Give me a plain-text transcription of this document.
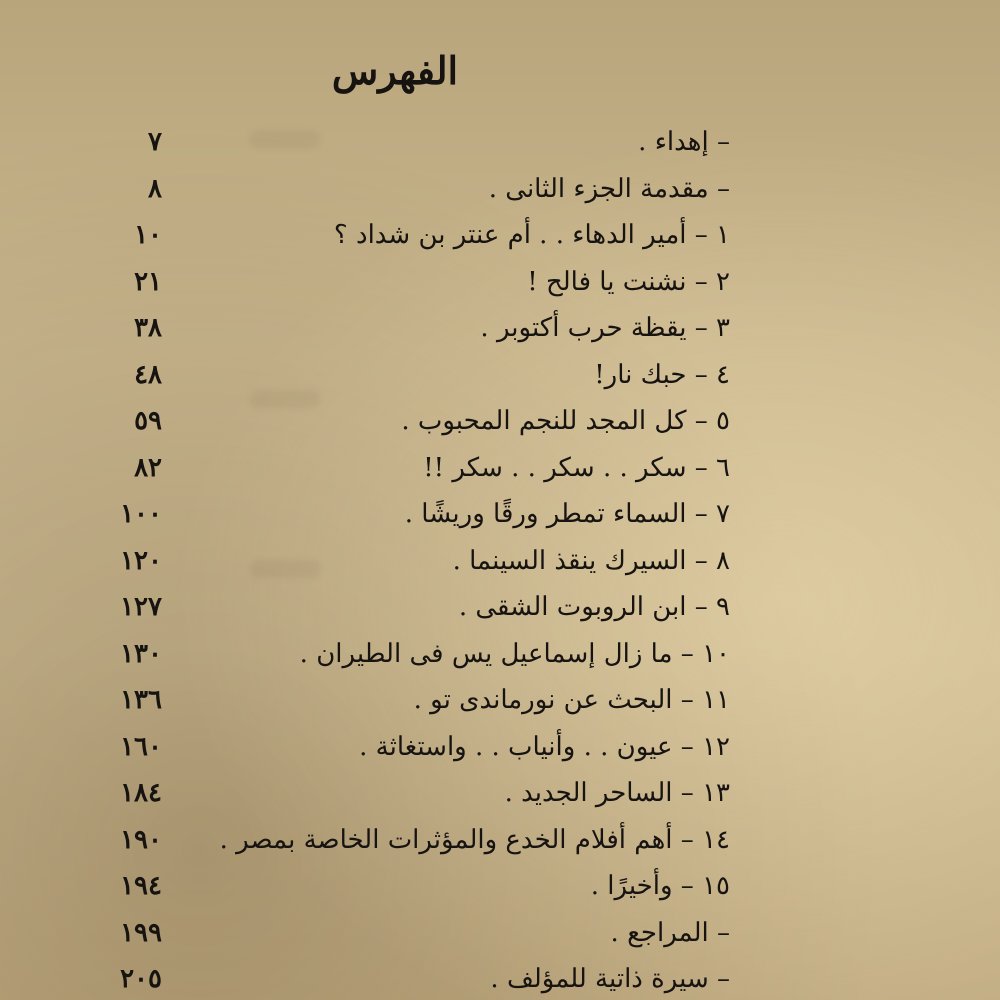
الفهرس
– إهداء .
٧
– مقدمة الجزء الثانى .
٨
١ – أمير الدهاء . . أم عنتر بن شداد ؟
١٠
٢ – نشنت يا فالح !
٢١
٣ – يقظة حرب أكتوبر .
٣٨
٤ – حبك نار!
٤٨
٥ – كل المجد للنجم المحبوب .
٥٩
٦ – سكر . . سكر . . سكر !!
٨٢
٧ – السماء تمطر ورقًا وريشًا .
١٠٠
٨ – السيرك ينقذ السينما .
١٢٠
٩ – ابن الروبوت الشقى .
١٢٧
١٠ – ما زال إسماعيل يس فى الطيران .
١٣٠
١١ – البحث عن نورماندى تو .
١٣٦
١٢ – عيون . . وأنياب . . واستغاثة .
١٦٠
١٣ – الساحر الجديد .
١٨٤
١٤ – أهم أفلام الخدع والمؤثرات الخاصة بمصر .
١٩٠
١٥ – وأخيرًا .
١٩٤
– المراجع .
١٩٩
– سيرة ذاتية للمؤلف .
٢٠٥
